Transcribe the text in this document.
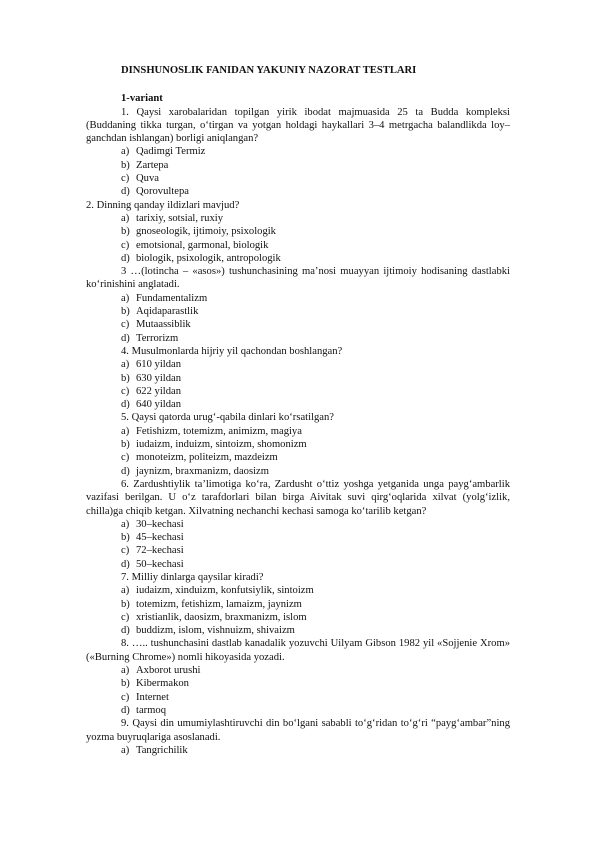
DINSHUNOSLIK FANIDAN YAKUNIY NAZORAT TESTLARI
1-variant
1. Qaysi xarobalaridan topilgan yirik ibodat majmuasida 25 ta Budda kompleksi (Buddaning tikka turgan, o‘tirgan va yotgan holdagi haykallari 3–4 metrgacha balandlikda loy–ganchdan ishlangan) borligi aniqlangan?
a) Qadimgi Termiz
b) Zartepa
c) Quva
d) Qorovultepa
2. Dinning qanday ildizlari mavjud?
a) tarixiy, sotsial, ruxiy
b) gnoseologik, ijtimoiy, psixologik
c) emotsional, garmonal, biologik
d) biologik, psixologik, antropologik
3 …(lotincha – «asos») tushunchasining ma’nosi muayyan ijtimoiy hodisaning dastlabki ko‘rinishini anglatadi.
a) Fundamentalizm
b) Aqidaparastlik
c) Mutaassiblik
d) Terrorizm
4. Musulmonlarda hijriy yil qachondan boshlangan?
a) 610 yildan
b) 630 yildan
c) 622 yildan
d) 640 yildan
5. Qaysi qatorda urug‘-qabila dinlari ko‘rsatilgan?
a) Fetishizm, totemizm, animizm, magiya
b) iudaizm, induizm, sintoizm, shomonizm
c) monoteizm, politeizm, mazdeizm
d) jaynizm, braxmanizm, daosizm
6. Zardushtiylik ta’limotiga ko‘ra, Zardusht o‘ttiz yoshga yetganida unga payg‘ambarlik vazifasi berilgan. U o‘z tarafdorlari bilan birga Aivitak suvi qirg‘oqlarida xilvat (yolg‘izlik, chilla)ga chiqib ketgan. Xilvatning nechanchi kechasi samoga ko‘tarilib ketgan?
a) 30–kechasi
b) 45–kechasi
c) 72–kechasi
d) 50–kechasi
7. Milliy dinlarga qaysilar kiradi?
a) iudaizm, xinduizm, konfutsiylik, sintoizm
b) totemizm, fetishizm, lamaizm, jaynizm
c) xristianlik, daosizm, braxmanizm, islom
d) buddizm, islom, vishnuizm, shivaizm
8. ….. tushunchasini dastlab kanadalik yozuvchi Uilyam Gibson 1982 yil «Sojjenie Xrom» («Burning Chrome») nomli hikoyasida yozadi.
a) Axborot urushi
b) Kibermakon
c) Internet
d) tarmoq
9. Qaysi din umumiylashtiruvchi din bo‘lgani sababli to‘g‘ridan to‘g‘ri “payg‘ambar”ning yozma buyruqlariga asoslanadi.
a) Tangrichilik
